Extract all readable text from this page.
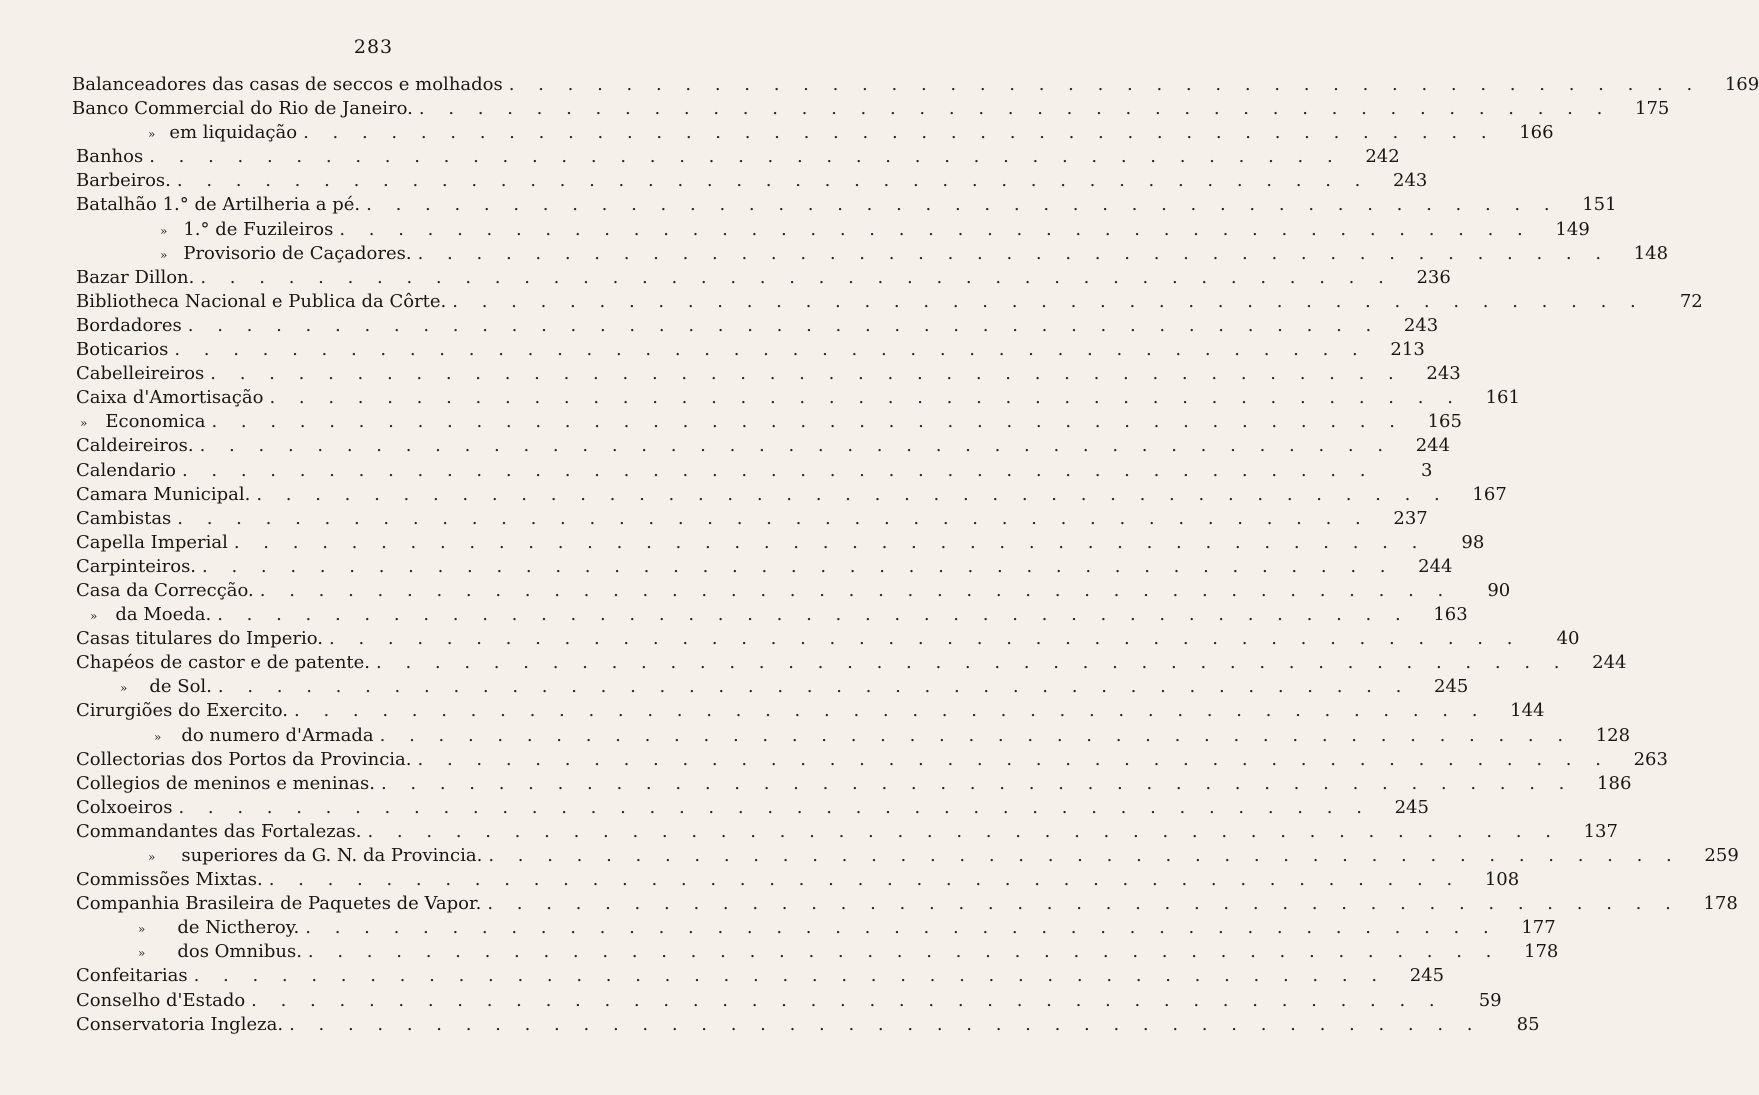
283
Balanceadores das casas de seccos e molhados . . .	169
Banco Commercial do Rio de Janeiro. . . .	175
» em liquidação . . .	166
Banhos . . .	242
Barbeiros. . . .	243
Batalhão 1.° de Artilheria a pé. . . .	151
» 1.° de Fuzileiros . . .	149
» Provisorio de Caçadores. . . .	148
Bazar Dillon. . . .	236
Bibliotheca Nacional e Publica da Côrte. . . .	72
Bordadores . . .	243
Boticarios . . .	213
Cabelleireiros . . .	243
Caixa d'Amortisação . . .	161
» Economica . . .	165
Caldeireiros. . . .	244
Calendario . . .	3
Camara Municipal. . . .	167
Cambistas . . .	237
Capella Imperial . . .	98
Carpinteiros. . . .	244
Casa da Correcção. . . .	90
» da Moeda. . . .	163
Casas titulares do Imperio. . . .	40
Chapéos de castor e de patente. . . .	244
» de Sol. . . .	245
Cirurgiões do Exercito. . . .	144
» do numero d'Armada . . .	128
Collectorias dos Portos da Provincia. . . .	263
Collegios de meninos e meninas. . . .	186
Colxoeiros . . .	245
Commandantes das Fortalezas. . . .	137
» superiores da G. N. da Provincia. . . .	259
Commissões Mixtas. . . .	108
Companhia Brasileira de Paquetes de Vapor. . . .	178
» de Nictheroy. . . .	177
» dos Omnibus. . . .	178
Confeitarias . . .	245
Conselho d'Estado . . .	59
Conservatoria Ingleza. . . .	85
